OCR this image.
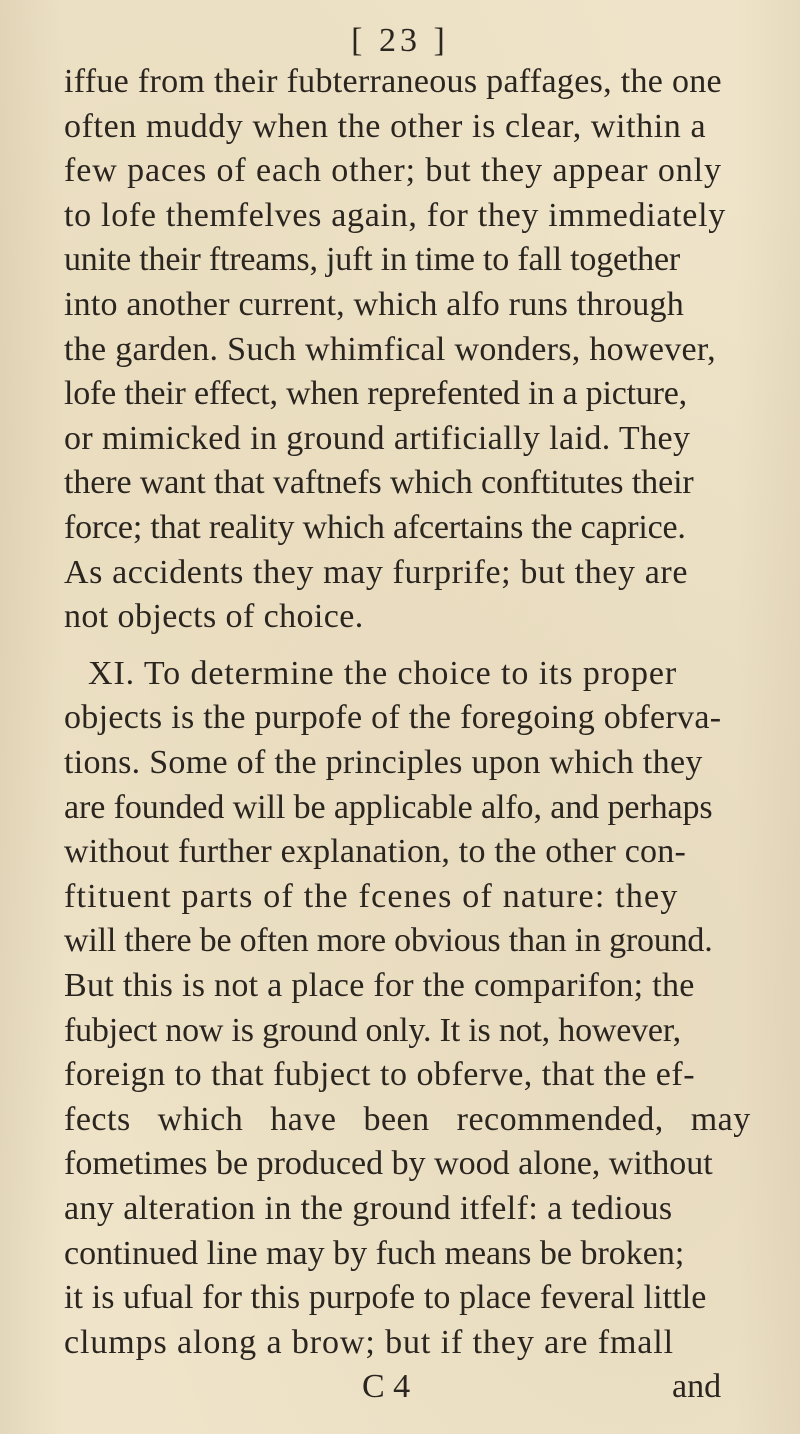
[ 23 ]
iffue from their fubterraneous paffages, the one
often muddy when the other is clear, within a
few paces of each other; but they appear only
to lofe themfelves again, for they immediately
unite their ftreams, juft in time to fall together
into another current, which alfo runs through
the garden. Such whimfical wonders, however,
lofe their effect, when reprefented in a picture,
or mimicked in ground artificially laid. They
there want that vaftnefs which conftitutes their
force; that reality which afcertains the caprice.
As accidents they may furprife; but they are
not objects of choice.
XI. To determine the choice to its proper
objects is the purpofe of the foregoing obferva-
tions. Some of the principles upon which they
are founded will be applicable alfo, and perhaps
without further explanation, to the other con-
ftituent parts of the fcenes of nature: they
will there be often more obvious than in ground.
But this is not a place for the comparifon; the
fubject now is ground only. It is not, however,
foreign to that fubject to obferve, that the ef-
fects which have been recommended, may
fometimes be produced by wood alone, without
any alteration in the ground itfelf: a tedious
continued line may by fuch means be broken;
it is ufual for this purpofe to place feveral little
clumps along a brow; but if they are fmall
C 4	and
